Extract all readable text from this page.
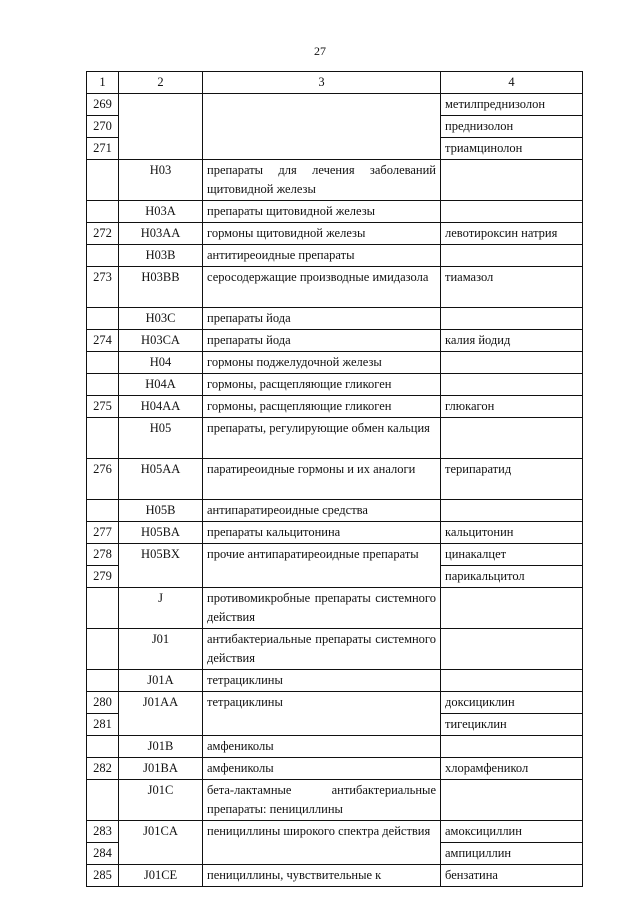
27
1	2	3	4
269			метилпреднизолон
270			преднизолон
271			триамцинолон
	H03	препараты для лечения заболеваний щитовидной железы	
	H03A	препараты щитовидной железы	
272	H03AA	гормоны щитовидной железы	левотироксин натрия
	H03B	антитиреоидные препараты	
273	H03BB	серосодержащие производные имидазола	тиамазол
	H03C	препараты йода	
274	H03CA	препараты йода	калия йодид
	H04	гормоны поджелудочной железы	
	H04A	гормоны, расщепляющие гликоген	
275	H04AA	гормоны, расщепляющие гликоген	глюкагон
	H05	препараты, регулирующие обмен кальция	
276	H05AA	паратиреоидные гормоны и их аналоги	терипаратид
	H05B	антипаратиреоидные средства	
277	H05BA	препараты кальцитонина	кальцитонин
278	H05BX	прочие антипаратиреоидные препараты	цинакалцет
279			парикальцитол
	J	противомикробные препараты системного действия	
	J01	антибактериальные препараты системного действия	
	J01A	тетрациклины	
280	J01AA	тетрациклины	доксициклин
281			тигециклин
	J01B	амфениколы	
282	J01BA	амфениколы	хлорамфеникол
	J01C	бета-лактамные антибактериальные препараты: пенициллины	
283	J01CA	пенициллины широкого спектра действия	амоксициллин
284			ампициллин
285	J01CE	пенициллины, чувствительные к	бензатина
